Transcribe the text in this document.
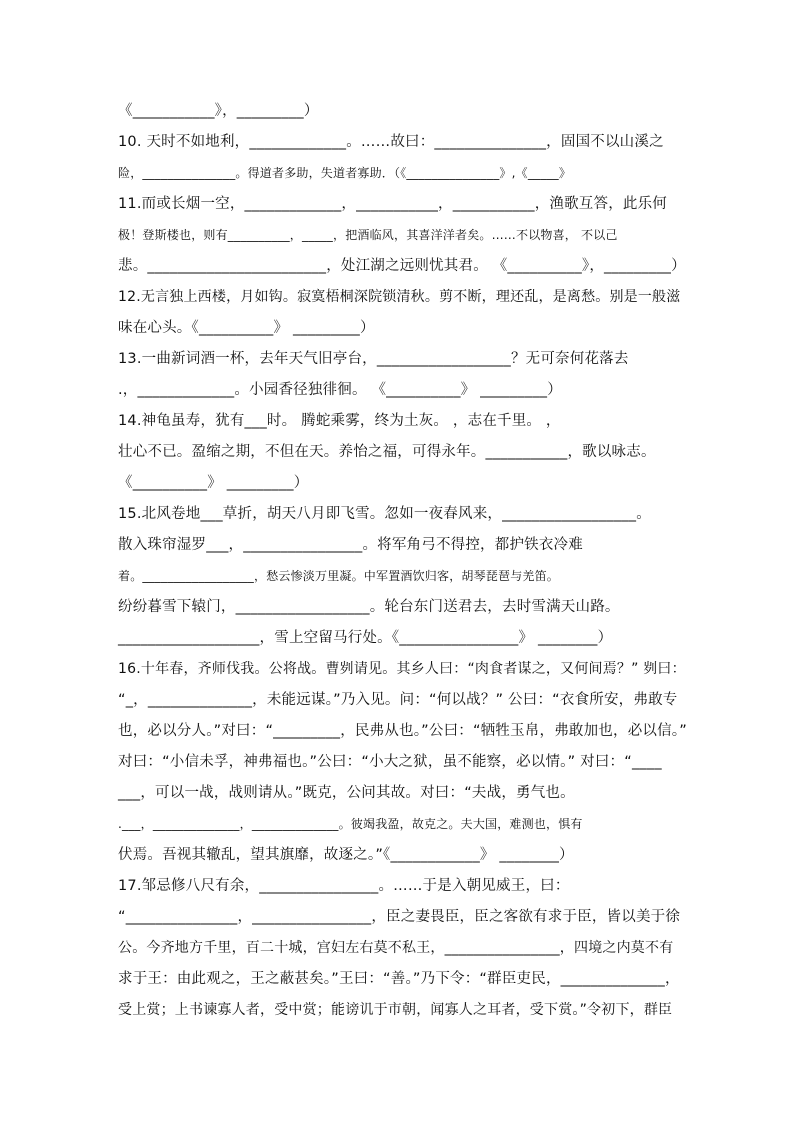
《___________》，_________）
10. 天时不如地利，_____________。……故曰：_______________，固国不以山溪之
险，_______________。得道者多助，失道者寡助．（《_______________》,《_____》
11.而或长烟一空，_____________，___________，___________，渔歌互答，此乐何
极！登斯楼也，则有__________，_____，把酒临风，其喜洋洋者矣。……不以物喜， 不以己
悲。________________________，处江湖之远则忧其君。 《__________》，_________）
12.无言独上西楼，月如钩。寂寞梧桐深院锁清秋。剪不断，理还乱，是离愁。别是一般滋
味在心头。《__________》 _________）
13.一曲新词酒一杯，去年天气旧亭台，__________________？无可奈何花落去
.，_____________。小园香径独徘徊。 《__________》 _________）
14.神龟虽寿，犹有___时。 腾蛇乘雾，终为土灰。 ，志在千里。 ，
壮心不已。盈缩之期，不但在天。养怡之福，可得永年。___________，歌以咏志。
《__________》 _________）
15.北风卷地___草折，胡天八月即飞雪。忽如一夜春风来，__________________。
散入珠帘湿罗___，________________。将军角弓不得控，都护铁衣冷难
着。__________________，愁云惨淡万里凝。中军置酒饮归客，胡琴琵琶与羌笛。
纷纷暮雪下辕门，__________________。轮台东门送君去，去时雪满天山路。
___________________，雪上空留马行处。《________________》 ________）
16.十年春，齐师伐我。公将战。曹刿请见。其乡人曰：“肉食者谋之，又何间焉？” 刿曰：
“_，______________，未能远谋。”乃入见。问：“何以战？” 公曰：“衣食所安，弗敢专
也，必以分人。”对曰：“_________，民弗从也。”公曰：“牺牲玉帛，弗敢加也，必以信。”
对曰：“小信未孚，神弗福也。”公曰：“小大之狱，虽不能察，必以情。” 对曰：“____
___，可以一战，战则请从。”既克，公问其故。对曰：“夫战，勇气也。
.___，______________，______________。彼竭我盈，故克之。夫大国，难测也，惧有
伏焉。吾视其辙乱，望其旗靡，故逐之。”《____________》 ________）
17.邹忌修八尺有余，________________。……于是入朝见威王，曰：
“_______________，________________，臣之妻畏臣，臣之客欲有求于臣，皆以美于徐
公。今齐地方千里，百二十城，宫妇左右莫不私王，________________，四境之内莫不有
求于王：由此观之，王之蔽甚矣。”王曰：“善。”乃下令：“群臣吏民，______________，
受上赏；上书谏寡人者，受中赏；能谤讥于市朝，闻寡人之耳者，受下赏。”令初下，群臣
